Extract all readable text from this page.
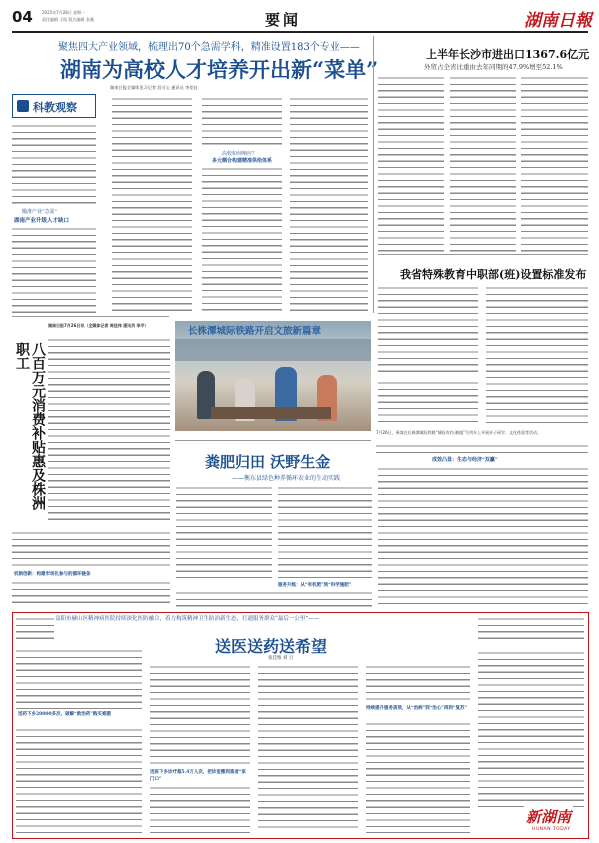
04 2025年7月28日 星期一
责任编辑 王晗 版式编辑 张薇	要闻	湖南日報
聚焦四大产业领域，梳理出70个急需学科，精准设置183个专业——
湖南为高校人才培养开出新“菜单”
湖南日报全媒体见习记者 段可心 通讯员 李佳钰
科教观察
瞄准产业“急需”
湖南产业升级人才缺口
高校如何响应？
多元耦合构建精准供给体系
上半年长沙市进出口1367.6亿元
外贸占全省比重由去年同期的47.9%增至52.1%
我省特殊教育中职部(班)设置标准发布
八百万元消费补贴惠及株洲职工
湖南日报7月26日讯（全媒体记者 周佳伟 通讯员 李平）
长株潭城际铁路开启文旅新篇章
7月26日，乘客在长株潭城际铁路“城际有约·湘遇”号列车上开展亲子研学、文化体验等活动。
粪肥归田 沃野生金
——衡东县绿色种养循环农业的生动实践
机制创新：构建市场化参与的循环链条
服务升级：从“有机肥”到“科学施肥”
成效凸显：生态与经济“双赢”
益阳市赫山区精神病医院持续深化医防融合，着力构筑精神卫生防治新生态，打通服务群众“最后一公里”——
送医送药送希望
张佳维 刘 旦
送药下乡20000多次，破解“救治药”购买难题
送医下乡诊疗超5.4万人次，把诊室搬到患者“家门口”
持续提升服务质效，从“治病”到“治心”再到“复苏”
新湖南
HUNAN TODAY
